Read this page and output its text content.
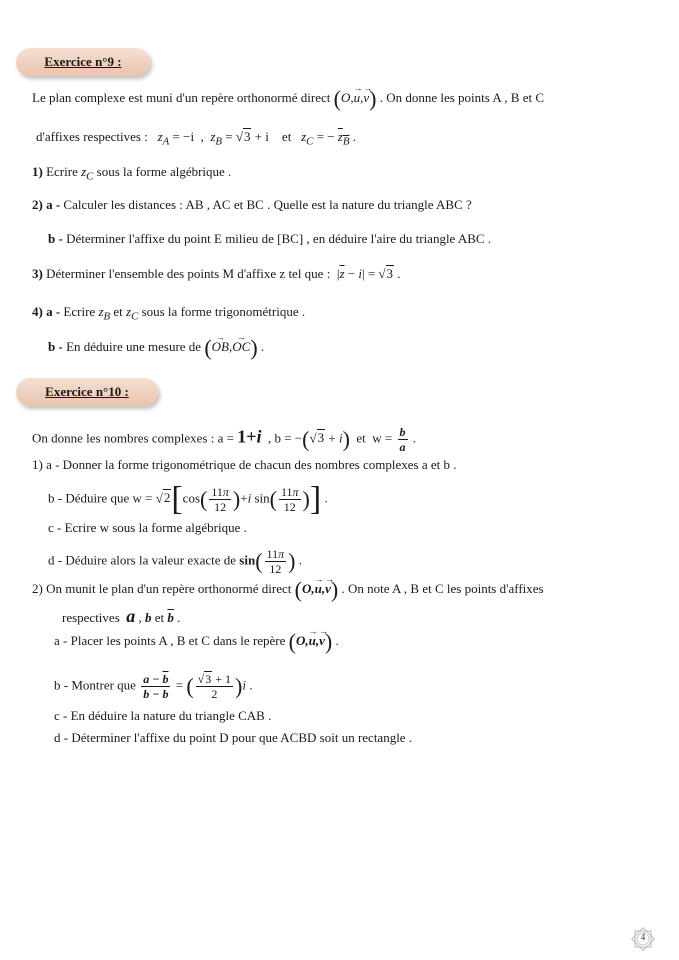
Exercice n°9 :
Le plan complexe est muni d'un repère orthonormé direct (O,u →,v →) . On donne les points A , B et C
d'affixes respectives : $z_A = -i$  ,  $z_B = √3 + i$ et $z_C$ = − $z_B$ .
1) Ecrire $z_C$ sous la forme algébrique .
2) a - Calculer les distances : AB , AC et BC . Quelle est la nature du triangle ABC ?
b - Déterminer l'affixe du point E milieu de [BC] , en déduire l'aire du triangle ABC .
3) Déterminer l'ensemble des points M d'affixe z tel que :  $|\overline{z} - i| = √3$ .
4) a - Ecrire $z_B$ et $z_C$ sous la forme trigonométrique .
b - En déduire une mesure de (OB →,OC →) .
Exercice n°10 :
On donne les nombres complexes : a = 1+i  , b = −(√3 + i)  et  $w = \frac{b}{a}$ .
1) a - Donner la forme trigonométrique de chacun des nombres complexes a et b .
b - Déduire que $w = √2[\cos( \frac{11\pi}{12} )+i$ $\sin( \frac{11\pi}{12}$ )] .
c - Ecrire w sous la forme algébrique .
d - Déduire alors la valeur exacte de $\sin( \frac{11\pi}{12}$ ) .
2) On munit le plan d'un repère orthonormé direct (O,u →,v →) . On note A , B et C les points d'affixes
respectives a , b et $\overline{b}$ .
a - Placer les points A , B et C dans le repère (O,u →,v →) .
b - Montrer que $\frac{a - \overline{b}}{b - \overline{b}}$ = ( $\frac{√3 + 1}{2} )i$ .
c - En déduire la nature du triangle CAB .
d - Déterminer l'affixe du point D pour que ACBD soit un rectangle .
4
